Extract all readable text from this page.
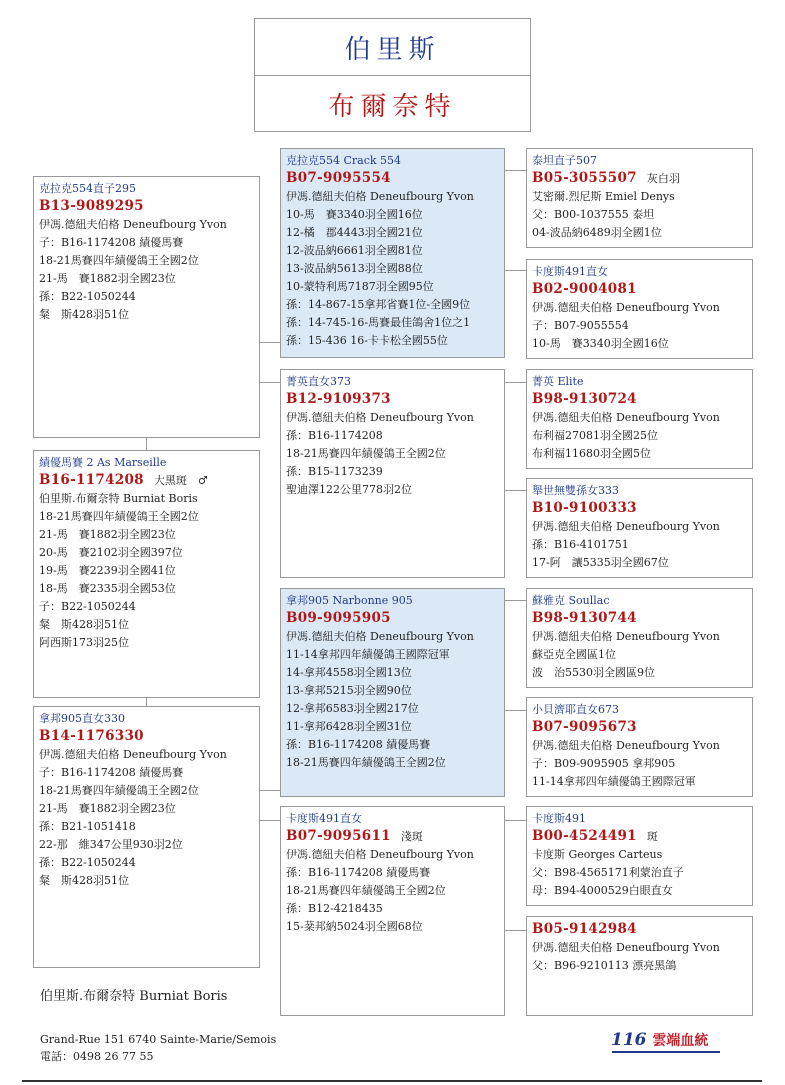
伯里斯
布爾奈特
克拉克554直子295
B13-9089295
伊馮.德紐夫伯格 Deneufbourg Yvon
子：B16-1174208 績優馬賽
18-21馬賽四年績優鴿王全國2位
21-馬　賽1882羽全國23位
孫：B22-1050244
粲　斯428羽51位
績優馬賽 2 As Marseille
B16-1174208 大黑斑　♂
伯里斯.布爾奈特 Burniat Boris
18-21馬賽四年績優鴿王全國2位
21-馬　賽1882羽全國23位
20-馬　賽2102羽全國397位
19-馬　賽2239羽全國41位
18-馬　賽2335羽全國53位
子：B22-1050244
粲　斯428羽51位
阿西斯173羽25位
拿邦905直女330
B14-1176330
伊馮.德紐夫伯格 Deneufbourg Yvon
子：B16-1174208 績優馬賽
18-21馬賽四年績優鴿王全國2位
21-馬　賽1882羽全國23位
孫：B21-1051418
22-那　維347公里930羽2位
孫：B22-1050244
粲　斯428羽51位
克拉克554 Crack 554
B07-9095554
伊馮.德紐夫伯格 Deneufbourg Yvon
10-馬　賽3340羽全國16位
12-橘　郡4443羽全國21位
12-波品納6661羽全國81位
13-波品納5613羽全國88位
10-蒙特利馬7187羽全國95位
孫：14-867-15拿邦省賽1位-全國9位
孫：14-745-16-馬賽最佳鴿舍1位之1
孫：15-436 16-卡卡松全國55位
菁英直女373
B12-9109373
伊馮.德紐夫伯格 Deneufbourg Yvon
孫：B16-1174208
18-21馬賽四年績優鴿王全國2位
孫：B15-1173239
聖迪澤122公里778羽2位
拿邦905 Narbonne 905
B09-9095905
伊馮.德紐夫伯格 Deneufbourg Yvon
11-14拿邦四年績優鴿王國際冠軍
14-拿邦4558羽全國13位
13-拿邦5215羽全國90位
12-拿邦6583羽全國217位
11-拿邦6428羽全國31位
孫：B16-1174208 績優馬賽
18-21馬賽四年績優鴿王全國2位
卡度斯491直女
B07-9095611 淺斑
伊馮.德紐夫伯格 Deneufbourg Yvon
孫：B16-1174208 績優馬賽
18-21馬賽四年績優鴿王全國2位
孫：B12-4218435
15-棻邦納5024羽全國68位
泰坦直子507
B05-3055507 灰白羽
艾密爾.烈尼斯 Emiel Denys
父：B00-1037555 泰坦
04-波品納6489羽全國1位
卡度斯491直女
B02-9004081
伊馮.德紐夫伯格 Deneufbourg Yvon
子：B07-9055554
10-馬　賽3340羽全國16位
菁英 Elite
B98-9130724
伊馮.德紐夫伯格 Deneufbourg Yvon
布利福27081羽全國25位
布利福11680羽全國5位
舉世無雙孫女333
B10-9100333
伊馮.德紐夫伯格 Deneufbourg Yvon
孫：B16-4101751
17-阿　讓5335羽全國67位
蘇雅克 Soullac
B98-9130744
伊馮.德紐夫伯格 Deneufbourg Yvon
蘇亞克全國區1位
波　治5530羽全國區9位
小貝濟耶直女673
B07-9095673
伊馮.德紐夫伯格 Deneufbourg Yvon
子：B09-9095905 拿邦905
11-14拿邦四年績優鴿王國際冠軍
卡度斯491
B00-4524491 斑
卡度斯 Georges Carteus
父：B98-4565171利蒙治直子
母：B94-4000529白眼直女
B05-9142984
伊馮.德紐夫伯格 Deneufbourg Yvon
父：B96-9210113 漂亮黑鴿
伯里斯.布爾奈特 Burniat Boris
Grand-Rue 151 6740 Sainte-Marie/Semois
電話：0498 26 77 55
116 雲端血統
